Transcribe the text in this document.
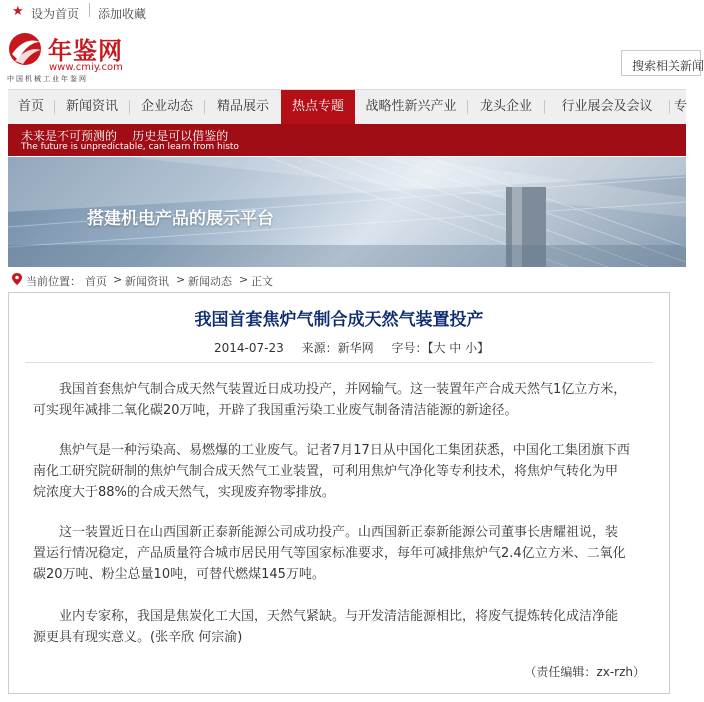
★ 设为首页 添加收藏
年鉴网
www.cmiy.com
中国机械工业年鉴网
搜索相关新闻
首页	新闻资讯	企业动态	精品展示	热点专题	战略性新兴产业	龙头企业	行业展会及会议	专
未来是不可预测的    历史是可以借鉴的
The future is unpredictable, can learn from histo
搭建机电产品的展示平台
当前位置： 首页 > 新闻资讯 > 新闻动态 > 正文
我国首套焦炉气制合成天然气装置投产
2014-07-23 来源：新华网 字号：【大 中 小】
我国首套焦炉气制合成天然气装置近日成功投产，并网输气。这一装置年产合成天然气1亿立方米，
可实现年减排二氧化碳20万吨，开辟了我国重污染工业废气制备清洁能源的新途径。
焦炉气是一种污染高、易燃爆的工业废气。记者7月17日从中国化工集团获悉，中国化工集团旗下西
南化工研究院研制的焦炉气制合成天然气工业装置，可利用焦炉气净化等专利技术，将焦炉气转化为甲
烷浓度大于88%的合成天然气，实现废弃物零排放。
这一装置近日在山西国新正泰新能源公司成功投产。山西国新正泰新能源公司董事长唐耀祖说，装
置运行情况稳定，产品质量符合城市居民用气等国家标准要求，每年可减排焦炉气2.4亿立方米、二氧化
碳20万吨、粉尘总量10吨，可替代燃煤145万吨。
业内专家称，我国是焦炭化工大国，天然气紧缺。与开发清洁能源相比，将废气提炼转化成洁净能
源更具有现实意义。(张辛欣 何宗渝)
（责任编辑：zx-rzh）
